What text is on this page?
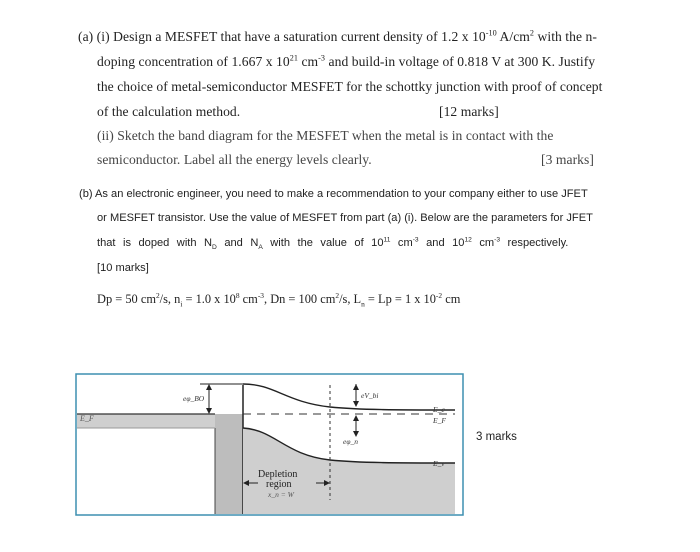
(a) (i) Design a MESFET that have a saturation current density of 1.2 x $10^{-10}$ $A/cm^2$ with the n-
doping concentration of 1.667 x $10^{21}$ $cm^{-3}$ and build-in voltage of 0.818 V at 300 K. Justify
the choice of metal-semiconductor MESFET for the schottky junction with proof of concept
of the calculation method.	[12 marks]
(ii) Sketch the band diagram for the MESFET when the metal is in contact with the
semiconductor. Label all the energy levels clearly.	[3 marks]
(b) As an electronic engineer, you need to make a recommendation to your company either to use JFET
or MESFET transistor. Use the value of MESFET from part (a) (i). Below are the parameters for JFET
that is doped with $N_D$ and $N_A$ with the value of $10^{11}$ $cm^{-3}$ and $10^{12}$ $cm^{-3}$ respectively.
[10 marks]
Dp = 50 $cm^2/s$, $n_i = 1.0$ x $10^8$ $cm^{-3}$, Dn = 100 $cm^2/s$, $L_n = Lp = 1$ x $10^{-2}$ cm
E_F
eφ_BO	eV_bi
E_c
E_F
eφ_n
E_v
Depletion
region
x_n = W
3 marks
